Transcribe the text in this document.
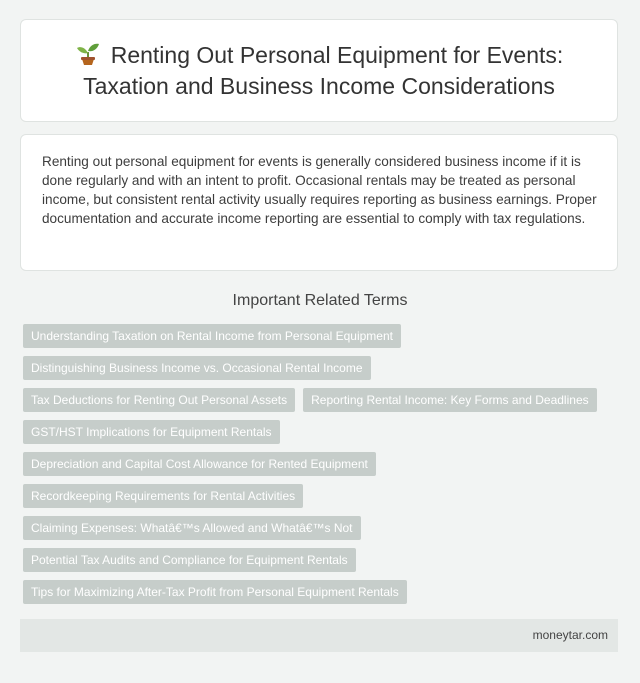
Renting Out Personal Equipment for Events: Taxation and Business Income Considerations

Renting out personal equipment for events is generally considered business income if it is done regularly and with an intent to profit. Occasional rentals may be treated as personal income, but consistent rental activity usually requires reporting as business earnings. Proper documentation and accurate income reporting are essential to comply with tax regulations.

Important Related Terms
Understanding Taxation on Rental Income from Personal Equipment
Distinguishing Business Income vs. Occasional Rental Income
Tax Deductions for Renting Out Personal Assets	Reporting Rental Income: Key Forms and Deadlines
GST/HST Implications for Equipment Rentals
Depreciation and Capital Cost Allowance for Rented Equipment
Recordkeeping Requirements for Rental Activities
Claiming Expenses: Whatâ€™s Allowed and Whatâ€™s Not
Potential Tax Audits and Compliance for Equipment Rentals
Tips for Maximizing After-Tax Profit from Personal Equipment Rentals
moneytar.com
